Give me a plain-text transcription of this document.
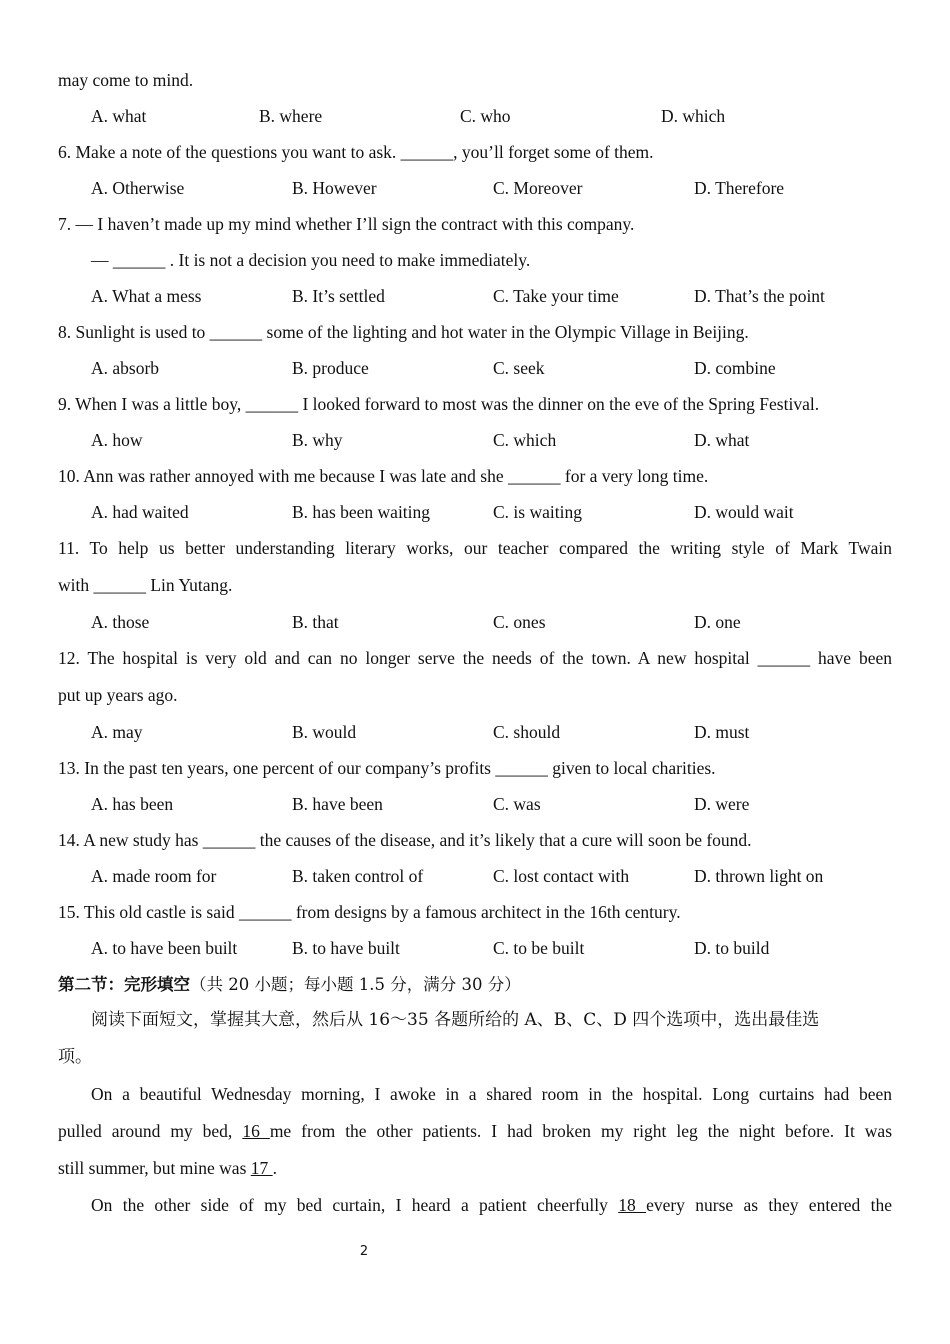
may come to mind.
A. what	B. where	C. who	D. which
6. Make a note of the questions you want to ask. ______, you’ll forget some of them.
A. Otherwise	B. However	C. Moreover	D. Therefore
7. — I haven’t made up my mind whether I’ll sign the contract with this company.
— ______ . It is not a decision you need to make immediately.
A. What a mess	B. It’s settled	C. Take your time	D. That’s the point
8. Sunlight is used to ______ some of the lighting and hot water in the Olympic Village in Beijing.
A. absorb	B. produce	C. seek	D. combine
9. When I was a little boy, ______ I looked forward to most was the dinner on the eve of the Spring Festival.
A. how	B. why	C. which	D. what
10. Ann was rather annoyed with me because I was late and she ______ for a very long time.
A. had waited	B. has been waiting	C. is waiting	D. would wait
11. To help us better understanding literary works, our teacher compared the writing style of Mark Twain
with ______ Lin Yutang.
A. those	B. that	C. ones	D. one
12. The hospital is very old and can no longer serve the needs of the town. A new hospital ______ have been
put up years ago.
A. may	B. would	C. should	D. must
13. In the past ten years, one percent of our company’s profits ______ given to local charities.
A. has been	B. have been	C. was	D. were
14. A new study has ______ the causes of the disease, and it’s likely that a cure will soon be found.
A. made room for	B. taken control of	C. lost contact with	D. thrown light on
15. This old castle is said ______ from designs by a famous architect in the 16th century.
A. to have been built	B. to have built	C. to be built	D. to build
第二节：完形填空（共 20 小题；每小题 1.5 分，满分 30 分）
阅读下面短文，掌握其大意，然后从 16～35 各题所给的 A、B、C、D 四个选项中，选出最佳选
项。
On a beautiful Wednesday morning, I awoke in a shared room in the hospital. Long curtains had been
pulled around my bed, 16 me from the other patients. I had broken my right leg the night before. It was
still summer, but mine was 17 .
On the other side of my bed curtain, I heard a patient cheerfully 18 every nurse as they entered the
2
